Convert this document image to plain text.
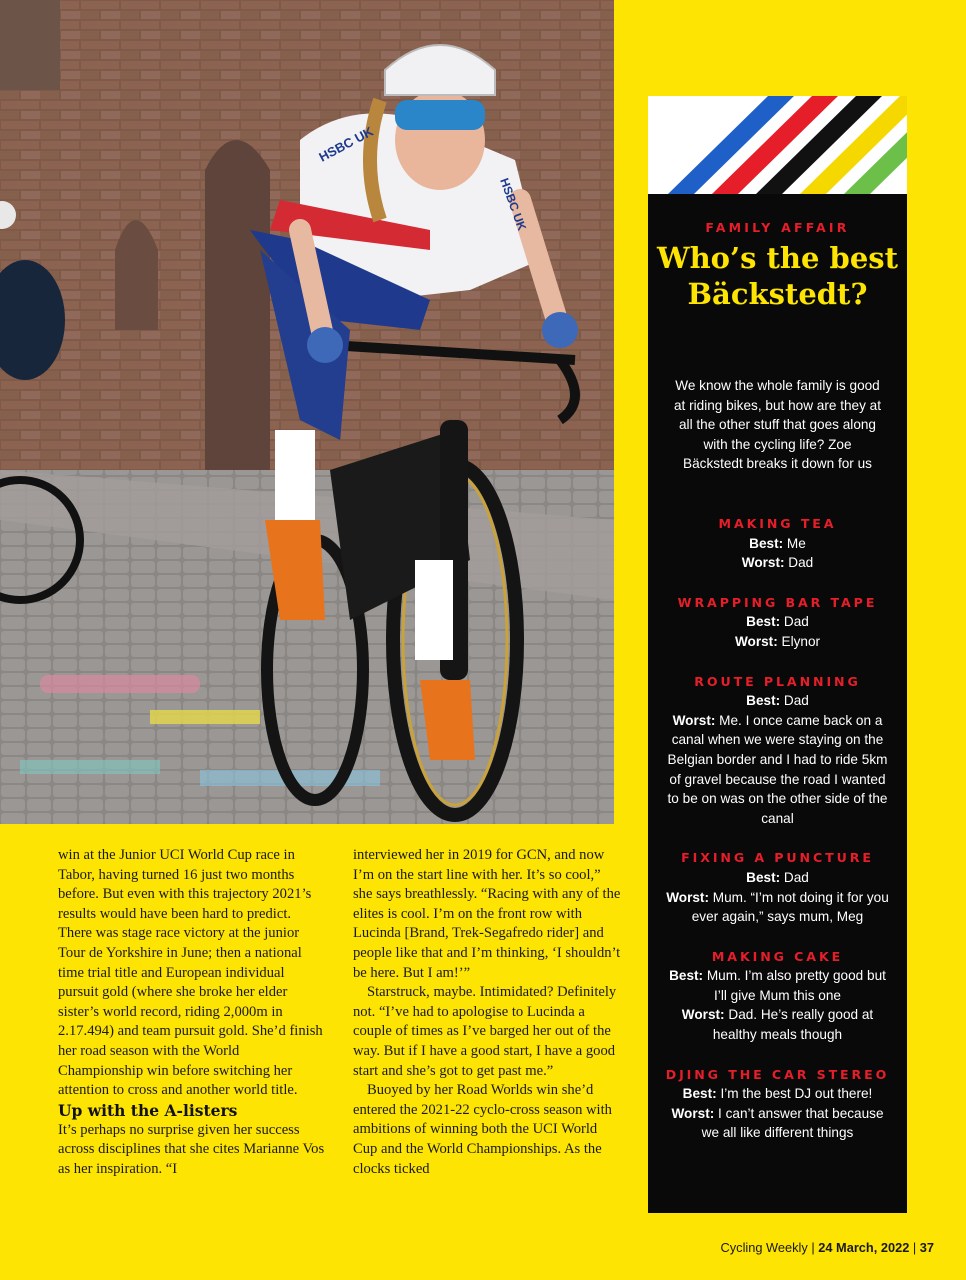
HSBC UK
HSBC UK

win at the Junior UCI World Cup race in Tabor, having turned 16 just two months before. But even with this trajectory 2021’s results would have been hard to predict. There was stage race victory at the junior Tour de Yorkshire in June; then a national time trial title and European individual pursuit gold (where she broke her elder sister’s world record, riding 2,000m in 2.17.494) and team pursuit gold. She’d finish her road season with the World Championship win before switching her attention to cross and another world title.

Up with the A-listers

It’s perhaps no surprise given her success across disciplines that she cites Marianne Vos as her inspiration. “I

interviewed her in 2019 for GCN, and now I’m on the start line with her. It’s so cool,” she says breathlessly. “Racing with any of the elites is cool. I’m on the front row with Lucinda [Brand, Trek-Segafredo rider] and people like that and I’m thinking, ‘I shouldn’t be here. But I am!’”

Starstruck, maybe. Intimidated? Definitely not. “I’ve had to apologise to Lucinda a couple of times as I’ve barged her out of the way. But if I have a good start, I have a good start and she’s got to get past me.”

Buoyed by her Road Worlds win she’d entered the 2021-22 cyclo-cross season with ambitions of winning both the UCI World Cup and the World Championships. As the clocks ticked

FAMILY AFFAIR
Who’s the best Bäckstedt?
We know the whole family is good at riding bikes, but how are they at all the other stuff that goes along with the cycling life? Zoe Bäckstedt breaks it down for us
MAKING TEA
Best: Me
Worst: Dad
WRAPPING BAR TAPE
Best: Dad
Worst: Elynor
ROUTE PLANNING
Best: Dad
Worst: Me. I once came back on a canal when we were staying on the Belgian border and I had to ride 5km of gravel because the road I wanted to be on was on the other side of the canal
FIXING A PUNCTURE
Best: Dad
Worst: Mum. “I’m not doing it for you ever again,” says mum, Meg
MAKING CAKE
Best: Mum. I’m also pretty good but I’ll give Mum this one
Worst: Dad. He’s really good at healthy meals though
DJING THE CAR STEREO
Best: I’m the best DJ out there!
Worst: I can’t answer that because we all like different things
Cycling Weekly | 24 March, 2022 | 37
